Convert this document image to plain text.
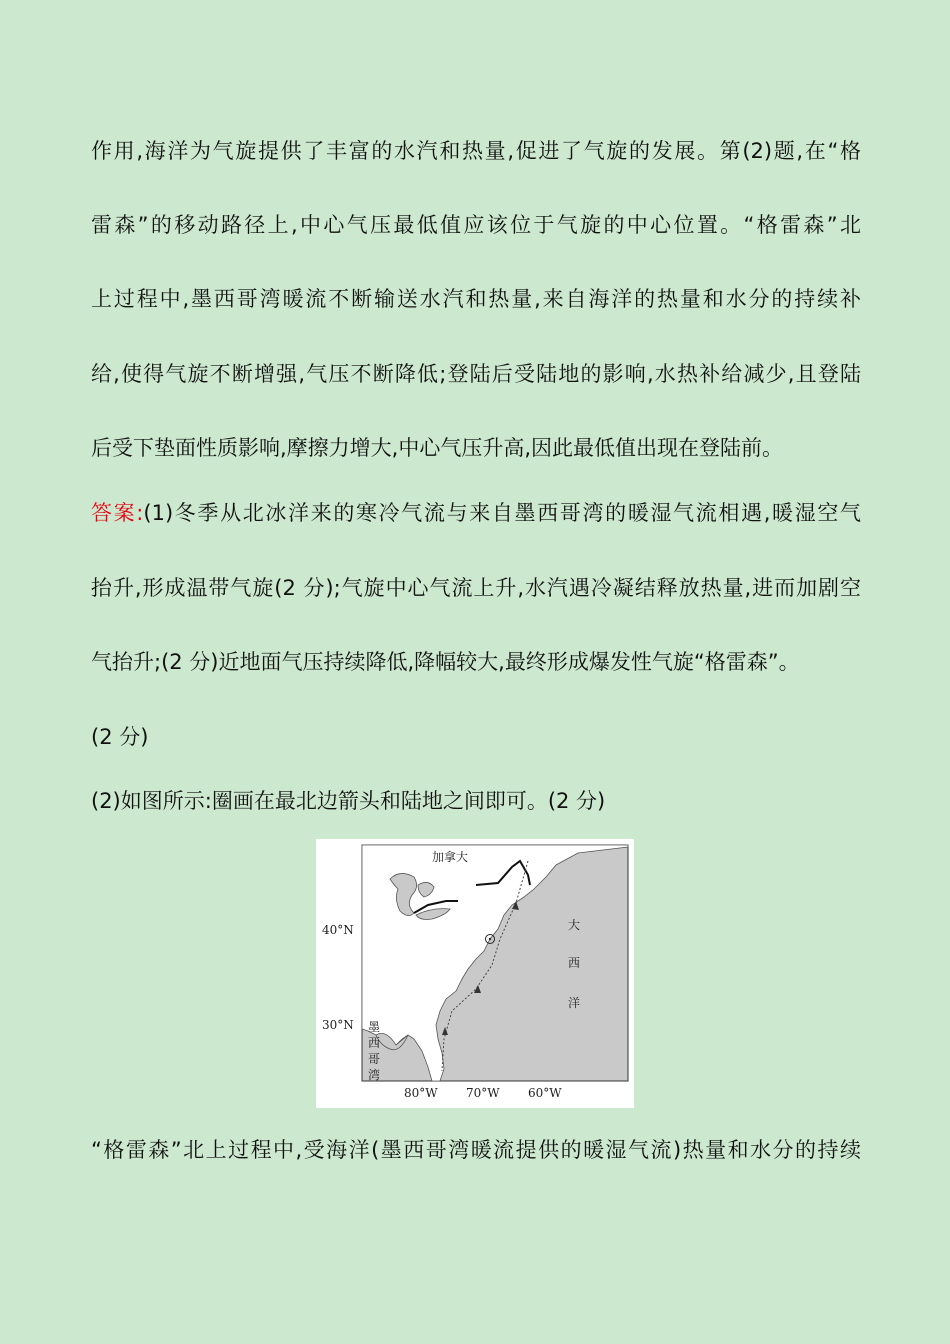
作用,海洋为气旋提供了丰富的水汽和热量,促进了气旋的发展。第(2)题,在“格
雷森”的移动路径上,中心气压最低值应该位于气旋的中心位置。“格雷森”北
上过程中,墨西哥湾暖流不断输送水汽和热量,来自海洋的热量和水分的持续补
给,使得气旋不断增强,气压不断降低;登陆后受陆地的影响,水热补给减少,且登陆
后受下垫面性质影响,摩擦力增大,中心气压升高,因此最低值出现在登陆前。
答案:(1)冬季从北冰洋来的寒冷气流与来自墨西哥湾的暖湿气流相遇,暖湿空气
抬升,形成温带气旋(2 分);气旋中心气流上升,水汽遇冷凝结释放热量,进而加剧空
气抬升;(2 分)近地面气压持续降低,降幅较大,最终形成爆发性气旋“格雷森”。
(2 分)
(2)如图所示:圈画在最北边箭头和陆地之间即可。(2 分)
加拿大
大
西
洋
墨
西
哥
湾
40°N
30°N
80°W 70°W 60°W
“格雷森”北上过程中,受海洋(墨西哥湾暖流提供的暖湿气流)热量和水分的持续
